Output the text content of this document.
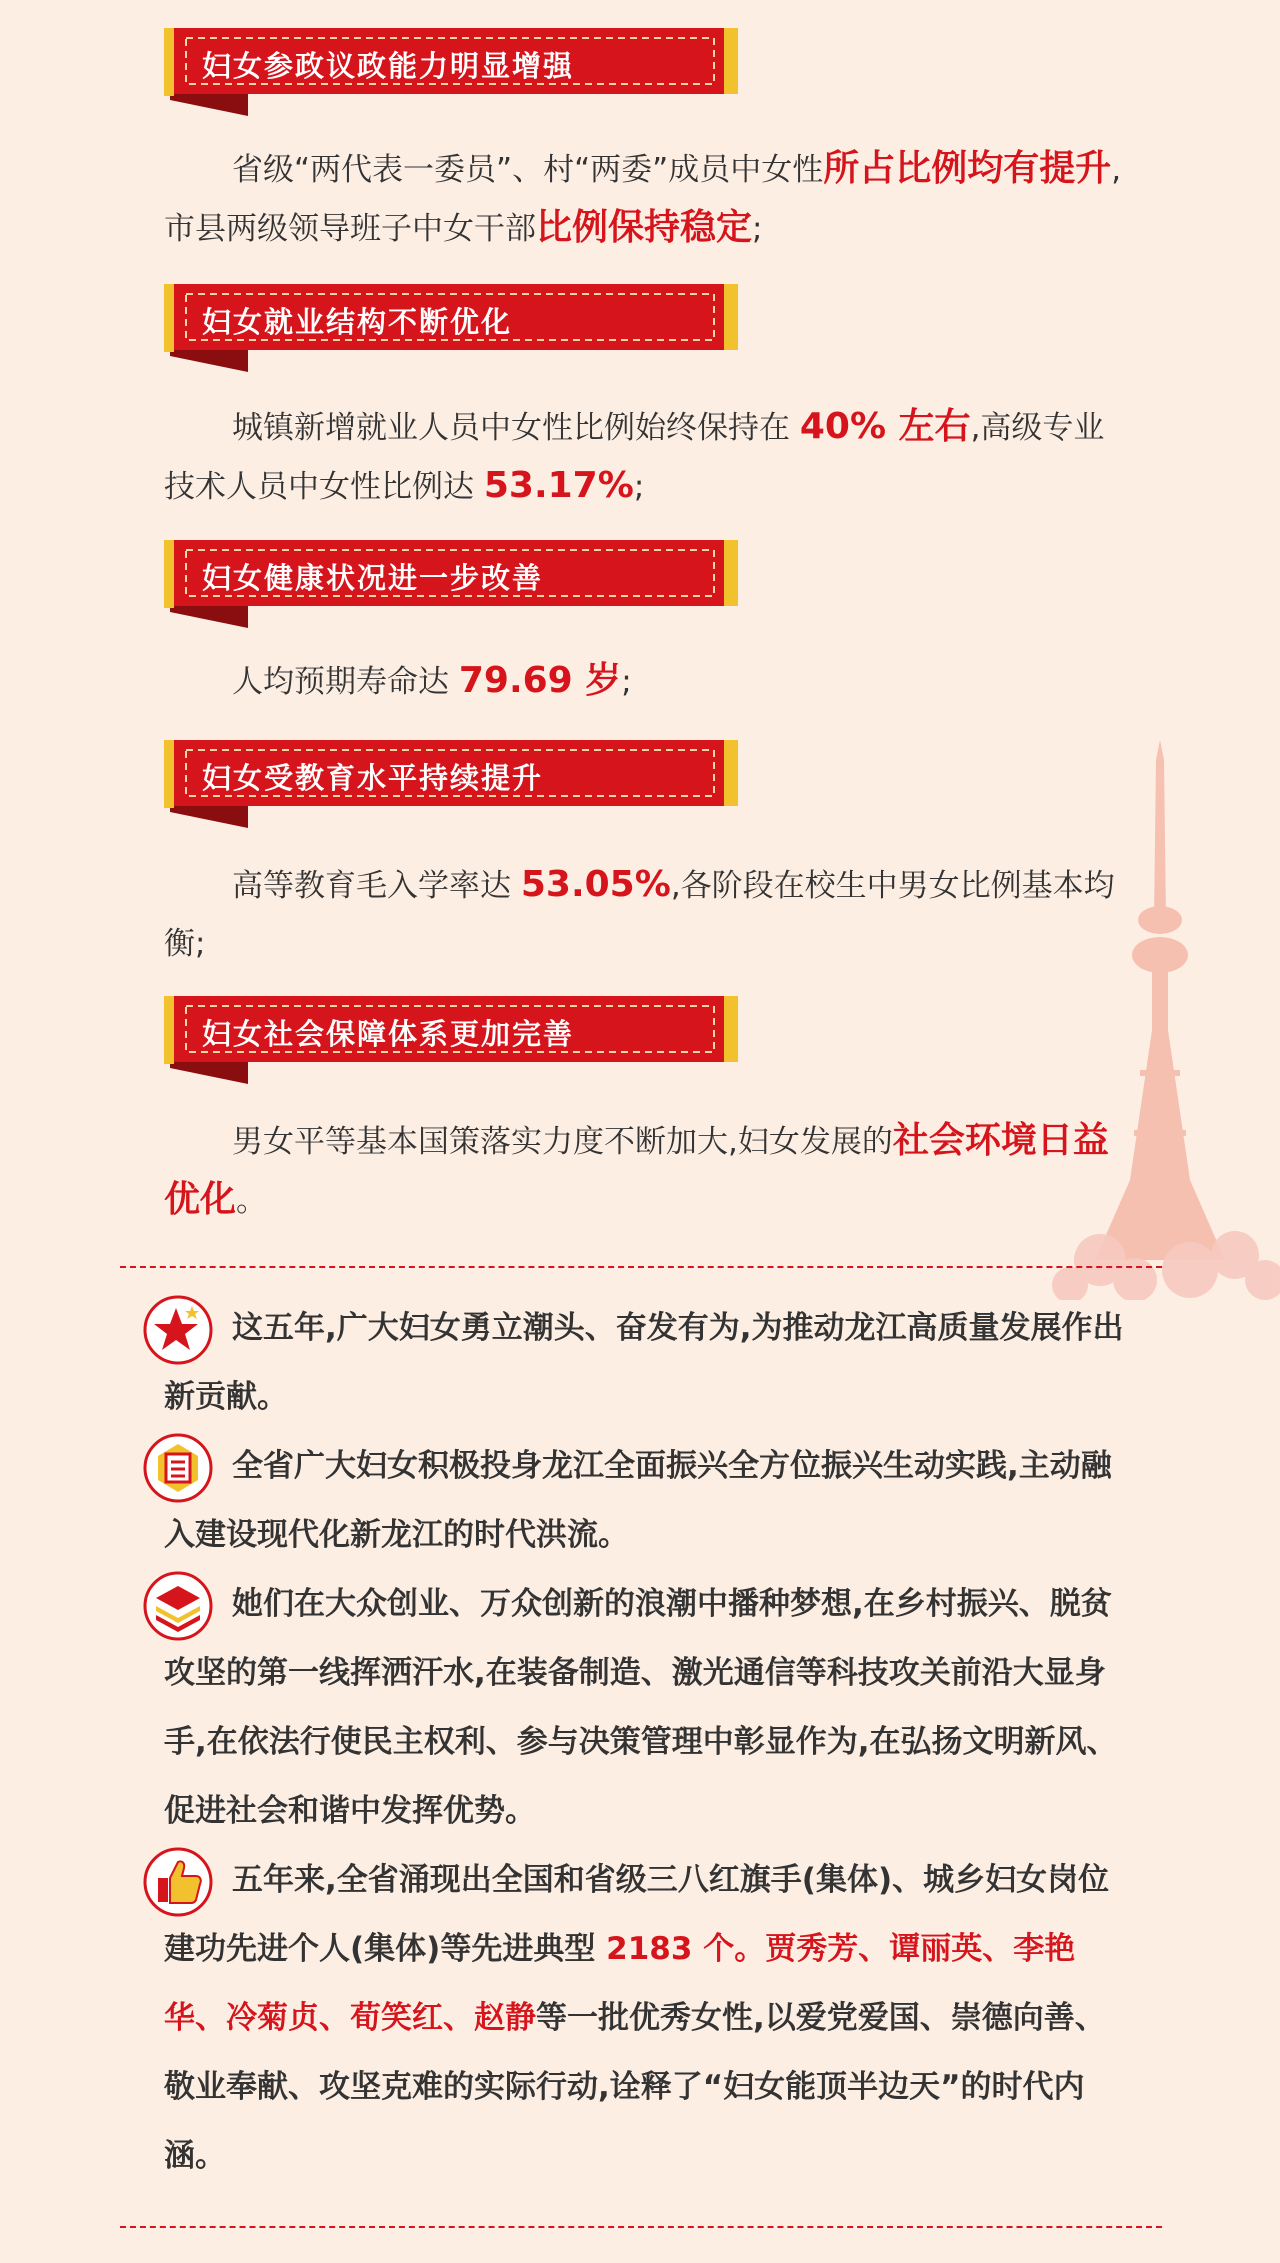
妇女参政议政能力明显增强
省级“两代表一委员”、村“两委”成员中女性所占比例均有提升,市县两级领导班子中女干部比例保持稳定;
妇女就业结构不断优化
城镇新增就业人员中女性比例始终保持在 40% 左右,高级专业技术人员中女性比例达 53.17%;
妇女健康状况进一步改善
人均预期寿命达 79.69 岁;
妇女受教育水平持续提升
高等教育毛入学率达 53.05%,各阶段在校生中男女比例基本均衡;
妇女社会保障体系更加完善
男女平等基本国策落实力度不断加大,妇女发展的社会环境日益优化。
这五年,广大妇女勇立潮头、奋发有为,为推动龙江高质量发展作出新贡献。
全省广大妇女积极投身龙江全面振兴全方位振兴生动实践,主动融入建设现代化新龙江的时代洪流。
她们在大众创业、万众创新的浪潮中播种梦想,在乡村振兴、脱贫攻坚的第一线挥洒汗水,在装备制造、激光通信等科技攻关前沿大显身手,在依法行使民主权利、参与决策管理中彰显作为,在弘扬文明新风、促进社会和谐中发挥优势。
五年来,全省涌现出全国和省级三八红旗手(集体)、城乡妇女岗位建功先进个人(集体)等先进典型 2183 个。贾秀芳、谭丽英、李艳华、冷菊贞、荀笑红、赵静等一批优秀女性,以爱党爱国、崇德向善、敬业奉献、攻坚克难的实际行动,诠释了“妇女能顶半边天”的时代内涵。
